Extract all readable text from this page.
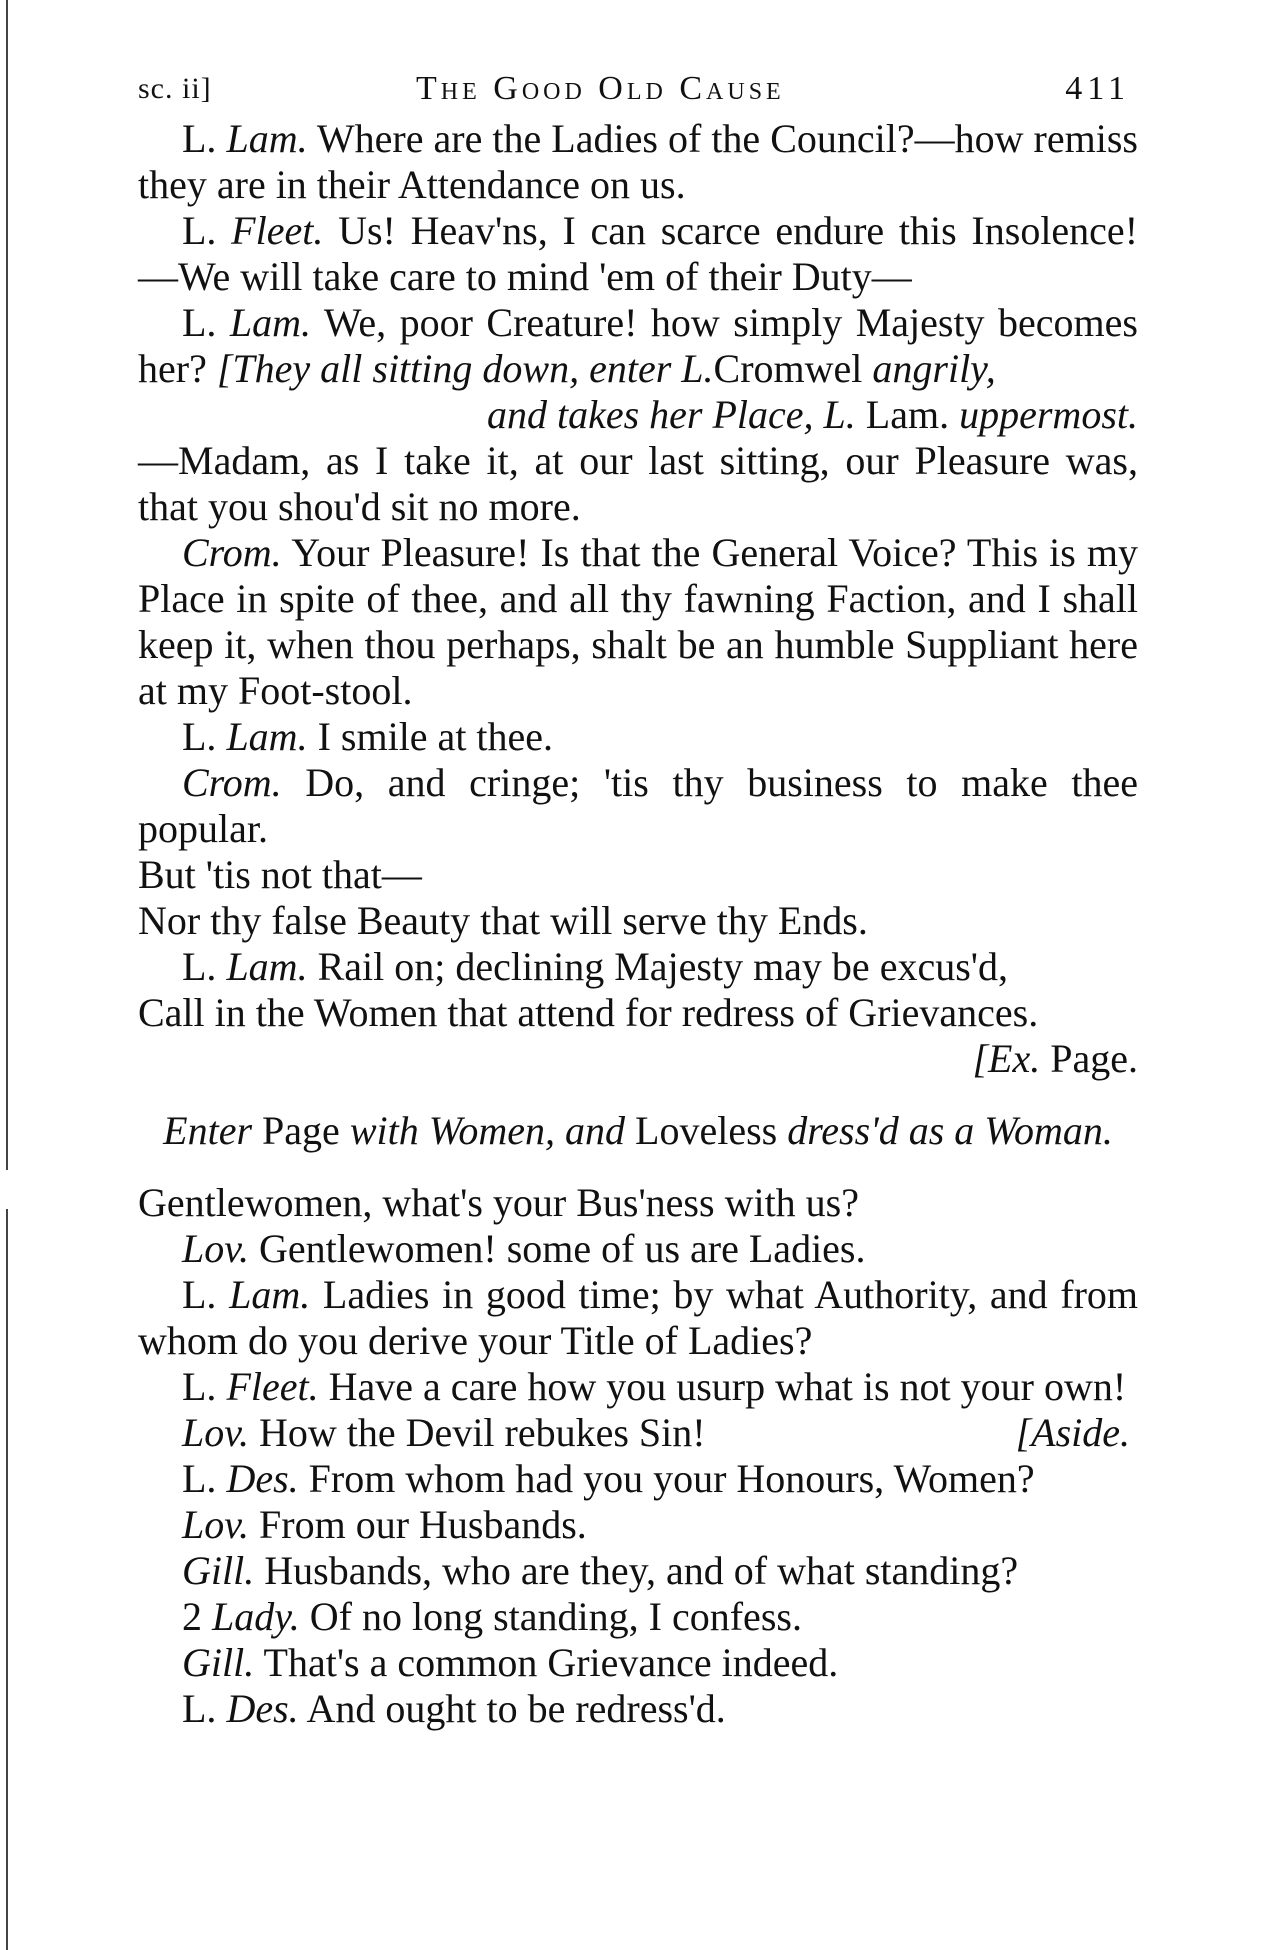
sc. ii]	The Good Old Cause	411

L. Lam. Where are the Ladies of the Council?—how remiss they are in their Attendance on us.

L. Fleet. Us! Heav'ns, I can scarce endure this Insolence! —We will take care to mind 'em of their Duty—

L. Lam. We, poor Creature! how simply Majesty becomes her? [They all sitting down, enter L.Cromwel angrily,

and takes her Place, L. Lam. uppermost.

—Madam, as I take it, at our last sitting, our Pleasure was, that you shou'd sit no more.

Crom. Your Pleasure! Is that the General Voice? This is my Place in spite of thee, and all thy fawning Faction, and I shall keep it, when thou perhaps, shalt be an humble Suppliant here at my Foot-stool.

L. Lam. I smile at thee.

Crom. Do, and cringe; 'tis thy business to make thee popular.

But 'tis not that—

Nor thy false Beauty that will serve thy Ends.

L. Lam. Rail on; declining Majesty may be excus'd,

Call in the Women that attend for redress of Grievances.

[Ex. Page.

Enter Page with Women, and Loveless dress'd as a Woman.

Gentlewomen, what's your Bus'ness with us?

Lov. Gentlewomen! some of us are Ladies.

L. Lam. Ladies in good time; by what Authority, and from whom do you derive your Title of Ladies?

L. Fleet. Have a care how you usurp what is not your own!

Lov. How the Devil rebukes Sin!	[Aside.

L. Des. From whom had you your Honours, Women?

Lov. From our Husbands.

Gill. Husbands, who are they, and of what standing?

2 Lady. Of no long standing, I confess.

Gill. That's a common Grievance indeed.

L. Des. And ought to be redress'd.
